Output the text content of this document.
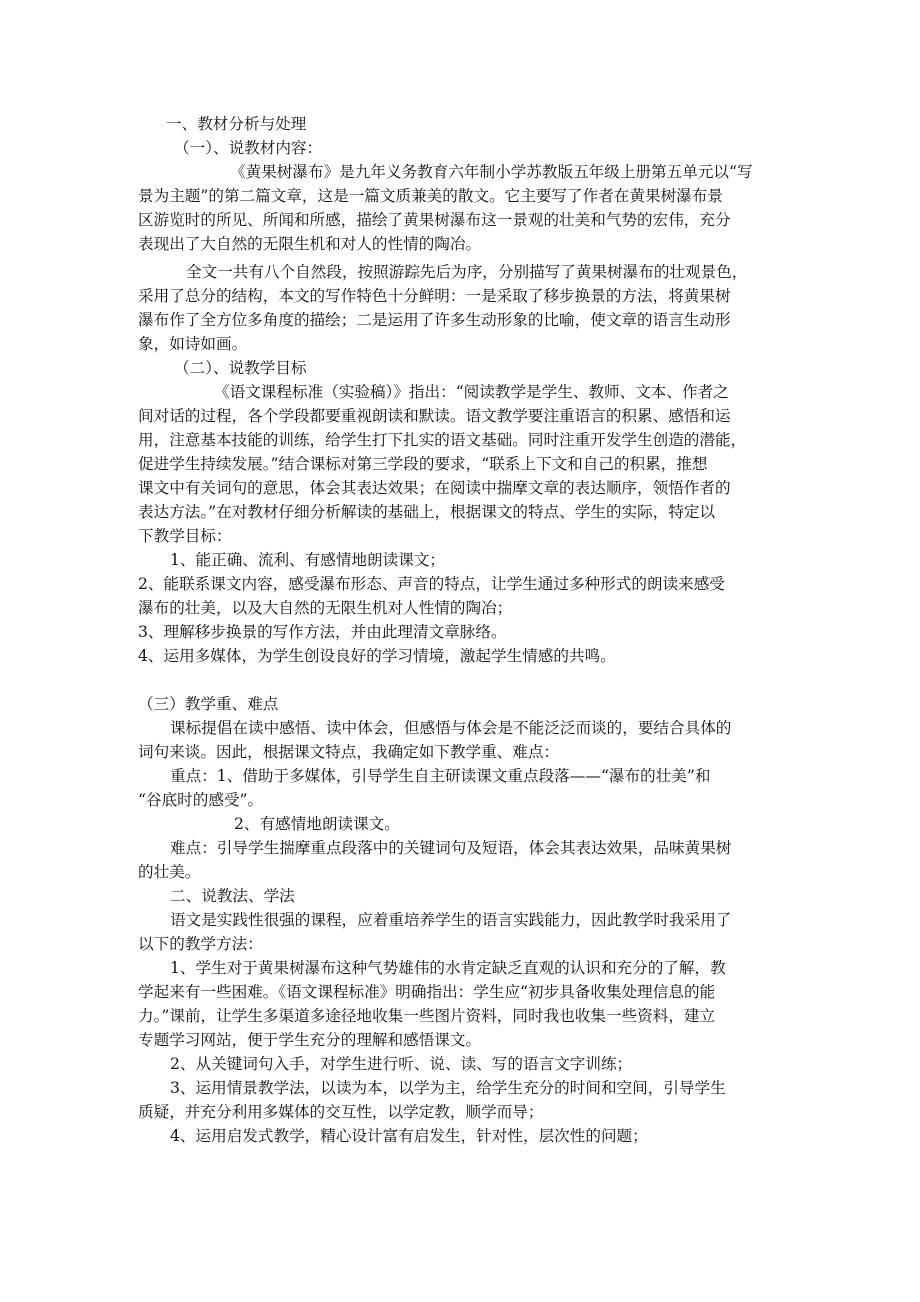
一、教材分析与处理
（一）、说教材内容：
《黄果树瀑布》是九年义务教育六年制小学苏教版五年级上册第五单元以“写
景为主题”的第二篇文章，这是一篇文质兼美的散文。它主要写了作者在黄果树瀑布景
区游览时的所见、所闻和所感，描绘了黄果树瀑布这一景观的壮美和气势的宏伟，充分
表现出了大自然的无限生机和对人的性情的陶冶。
全文一共有八个自然段，按照游踪先后为序，分别描写了黄果树瀑布的壮观景色，
采用了总分的结构，本文的写作特色十分鲜明：一是采取了移步换景的方法，将黄果树
瀑布作了全方位多角度的描绘；二是运用了许多生动形象的比喻，使文章的语言生动形
象，如诗如画。
（二）、说教学目标
《语文课程标准（实验稿）》指出：“阅读教学是学生、教师、文本、作者之
间对话的过程，各个学段都要重视朗读和默读。语文教学要注重语言的积累、感悟和运
用，注意基本技能的训练，给学生打下扎实的语文基础。同时注重开发学生创造的潜能，
促进学生持续发展。”结合课标对第三学段的要求，“联系上下文和自己的积累，推想
课文中有关词句的意思，体会其表达效果；在阅读中揣摩文章的表达顺序，领悟作者的
表达方法。”在对教材仔细分析解读的基础上，根据课文的特点、学生的实际，特定以
下教学目标：
1、能正确、流利、有感情地朗读课文；
2、能联系课文内容，感受瀑布形态、声音的特点，让学生通过多种形式的朗读来感受
瀑布的壮美，以及大自然的无限生机对人性情的陶冶；
3、理解移步换景的写作方法，并由此理清文章脉络。
4、运用多媒体，为学生创设良好的学习情境，激起学生情感的共鸣。
（三）教学重、难点
课标提倡在读中感悟、读中体会，但感悟与体会是不能泛泛而谈的，要结合具体的
词句来谈。因此，根据课文特点，我确定如下教学重、难点：
重点：1、借助于多媒体，引导学生自主研读课文重点段落——“瀑布的壮美”和
“谷底时的感受”。
2、有感情地朗读课文。
难点：引导学生揣摩重点段落中的关键词句及短语，体会其表达效果，品味黄果树
的壮美。
二、说教法、学法
语文是实践性很强的课程，应着重培养学生的语言实践能力，因此教学时我采用了
以下的教学方法：
1、学生对于黄果树瀑布这种气势雄伟的水肯定缺乏直观的认识和充分的了解，教
学起来有一些困难。《语文课程标准》明确指出：学生应“初步具备收集处理信息的能
力。”课前，让学生多渠道多途径地收集一些图片资料，同时我也收集一些资料，建立
专题学习网站，便于学生充分的理解和感悟课文。
2、从关键词句入手，对学生进行听、说、读、写的语言文字训练；
3、运用情景教学法，以读为本，以学为主，给学生充分的时间和空间，引导学生
质疑，并充分利用多媒体的交互性，以学定教，顺学而导；
4、运用启发式教学，精心设计富有启发生，针对性，层次性的问题；
